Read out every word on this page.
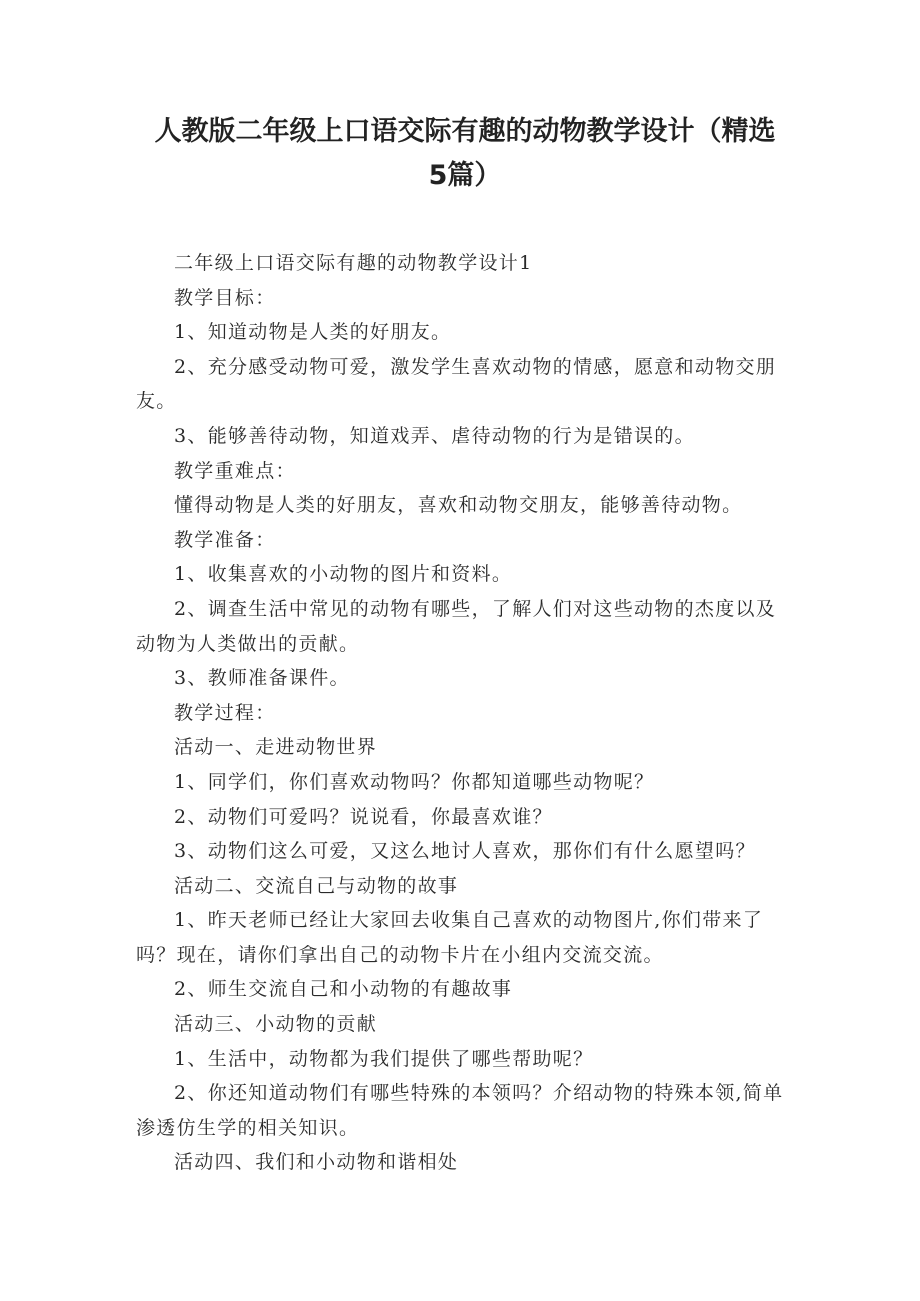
人教版二年级上口语交际有趣的动物教学设计（精选5篇）

二年级上口语交际有趣的动物教学设计1

教学目标：

1、知道动物是人类的好朋友。

2、充分感受动物可爱，激发学生喜欢动物的情感，愿意和动物交朋友。

3、能够善待动物，知道戏弄、虐待动物的行为是错误的。

教学重难点：

懂得动物是人类的好朋友，喜欢和动物交朋友，能够善待动物。

教学准备：

1、收集喜欢的小动物的图片和资料。

2、调查生活中常见的动物有哪些，了解人们对这些动物的杰度以及动物为人类做出的贡献。

3、教师准备课件。

教学过程：

活动一、走进动物世界

1、同学们，你们喜欢动物吗？你都知道哪些动物呢？

2、动物们可爱吗？说说看，你最喜欢谁？

3、动物们这么可爱，又这么地讨人喜欢，那你们有什么愿望吗？

活动二、交流自己与动物的故事

1、昨天老师已经让大家回去收集自己喜欢的动物图片,你们带来了吗？现在，请你们拿出自己的动物卡片在小组内交流交流。

2、师生交流自己和小动物的有趣故事

活动三、小动物的贡献

1、生活中，动物都为我们提供了哪些帮助呢？

2、你还知道动物们有哪些特殊的本领吗？介绍动物的特殊本领,简单渗透仿生学的相关知识。

活动四、我们和小动物和谐相处
